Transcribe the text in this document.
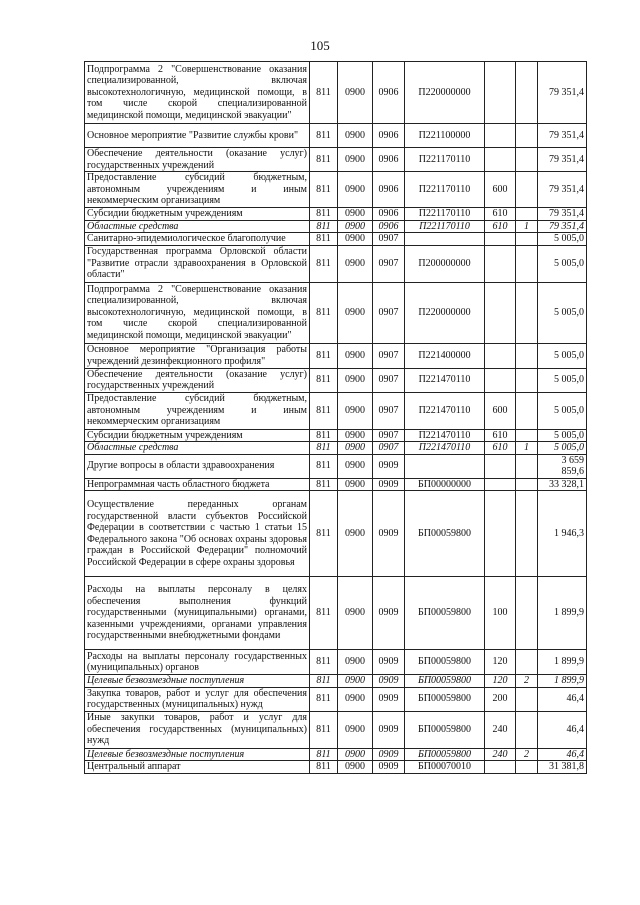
105
Подпрограмма 2 "Совершенствование оказания специализированной, включая высокотехнологичную, медицинской помощи, в том числе скорой специализированной медицинской помощи, медицинской эвакуации"	811	0900	0906	П220000000			79 351,4
Основное мероприятие "Развитие службы крови"	811	0900	0906	П221100000			79 351,4
Обеспечение деятельности (оказание услуг) государственных учреждений	811	0900	0906	П221170110			79 351,4
Предоставление субсидий бюджетным, автономным учреждениям и иным некоммерческим организациям	811	0900	0906	П221170110	600		79 351,4
Субсидии бюджетным учреждениям	811	0900	0906	П221170110	610		79 351,4
Областные средства	811	0900	0906	П221170110	610	1	79 351,4
Санитарно-эпидемиологическое благополучие	811	0900	0907				5 005,0
Государственная программа Орловской области "Развитие отрасли здравоохранения в Орловской области"	811	0900	0907	П200000000			5 005,0
Подпрограмма 2 "Совершенствование оказания специализированной, включая высокотехнологичную, медицинской помощи, в том числе скорой специализированной медицинской помощи, медицинской эвакуации"	811	0900	0907	П220000000			5 005,0
Основное мероприятие "Организация работы учреждений дезинфекционного профиля"	811	0900	0907	П221400000			5 005,0
Обеспечение деятельности (оказание услуг) государственных учреждений	811	0900	0907	П221470110			5 005,0
Предоставление субсидий бюджетным, автономным учреждениям и иным некоммерческим организациям	811	0900	0907	П221470110	600		5 005,0
Субсидии бюджетным учреждениям	811	0900	0907	П221470110	610		5 005,0
Областные средства	811	0900	0907	П221470110	610	1	5 005,0
Другие вопросы в области здравоохранения	811	0900	0909				3 659 859,6
Непрограммная часть областного бюджета	811	0900	0909	БП00000000			33 328,1
Осуществление переданных органам государственной власти субъектов Российской Федерации в соответствии с частью 1 статьи 15 Федерального закона "Об основах охраны здоровья граждан в Российской Федерации" полномочий Российской Федерации в сфере охраны здоровья	811	0900	0909	БП00059800			1 946,3
Расходы на выплаты персоналу в целях обеспечения выполнения функций государственными (муниципальными) органами, казенными учреждениями, органами управления государственными внебюджетными фондами	811	0900	0909	БП00059800	100		1 899,9
Расходы на выплаты персоналу государственных (муниципальных) органов	811	0900	0909	БП00059800	120		1 899,9
Целевые безвозмездные поступления	811	0900	0909	БП00059800	120	2	1 899,9
Закупка товаров, работ и услуг для обеспечения государственных (муниципальных) нужд	811	0900	0909	БП00059800	200		46,4
Иные закупки товаров, работ и услуг для обеспечения государственных (муниципальных) нужд	811	0900	0909	БП00059800	240		46,4
Целевые безвозмездные поступления	811	0900	0909	БП00059800	240	2	46,4
Центральный аппарат	811	0900	0909	БП00070010			31 381,8
